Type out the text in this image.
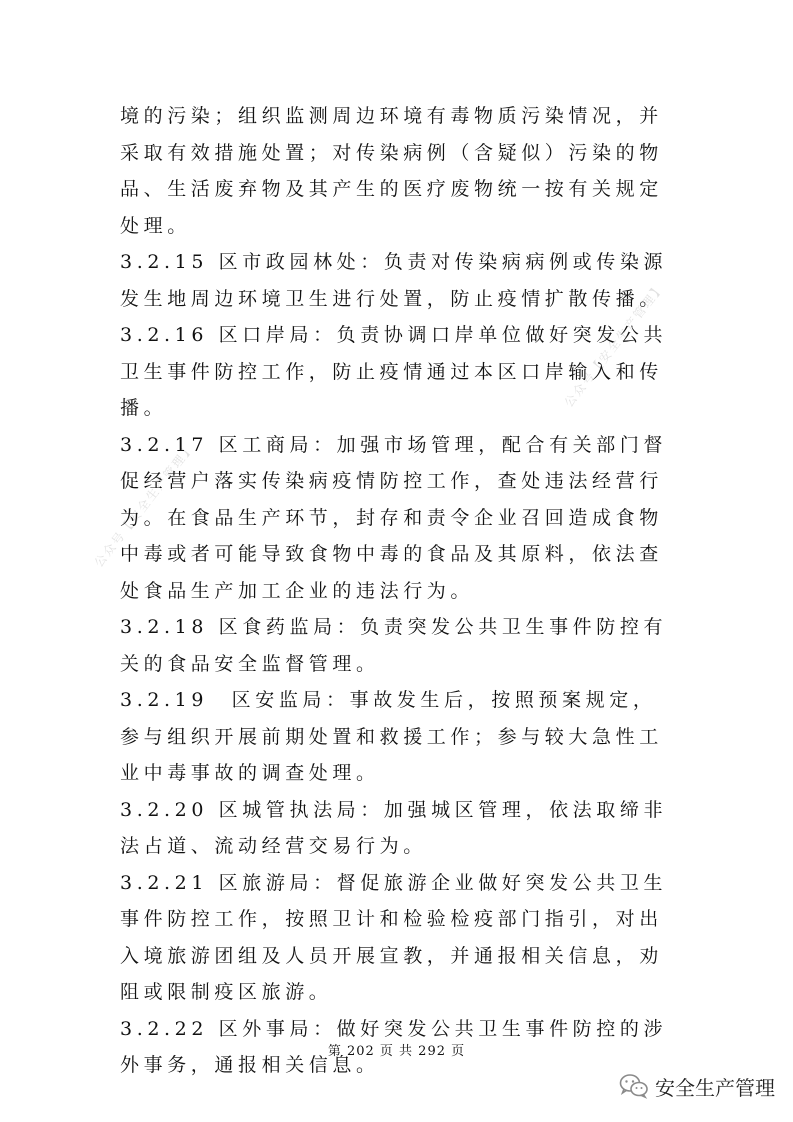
公众号【安全生产管理】
公众号【安全生产管理】

境的污染；组织监测周边环境有毒物质污染情况，并采取有效措施处置；对传染病例（含疑似）污染的物品、生活废弃物及其产生的医疗废物统一按有关规定处理。

3.2.15 区市政园林处：负责对传染病病例或传染源发生地周边环境卫生进行处置，防止疫情扩散传播。

3.2.16 区口岸局：负责协调口岸单位做好突发公共卫生事件防控工作，防止疫情通过本区口岸输入和传播。

3.2.17 区工商局：加强市场管理，配合有关部门督促经营户落实传染病疫情防控工作，查处违法经营行为。在食品生产环节，封存和责令企业召回造成食物中毒或者可能导致食物中毒的食品及其原料，依法查处食品生产加工企业的违法行为。

3.2.18 区食药监局：负责突发公共卫生事件防控有关的食品安全监督管理。

3.2.19　区安监局：事故发生后，按照预案规定，参与组织开展前期处置和救援工作；参与较大急性工业中毒事故的调查处理。

3.2.20 区城管执法局：加强城区管理，依法取缔非法占道、流动经营交易行为。

3.2.21 区旅游局：督促旅游企业做好突发公共卫生事件防控工作，按照卫计和检验检疫部门指引，对出入境旅游团组及人员开展宣教，并通报相关信息，劝阻或限制疫区旅游。

3.2.22 区外事局：做好突发公共卫生事件防控的涉外事务，通报相关信息。

第 202 页 共 292 页
安全生产管理
